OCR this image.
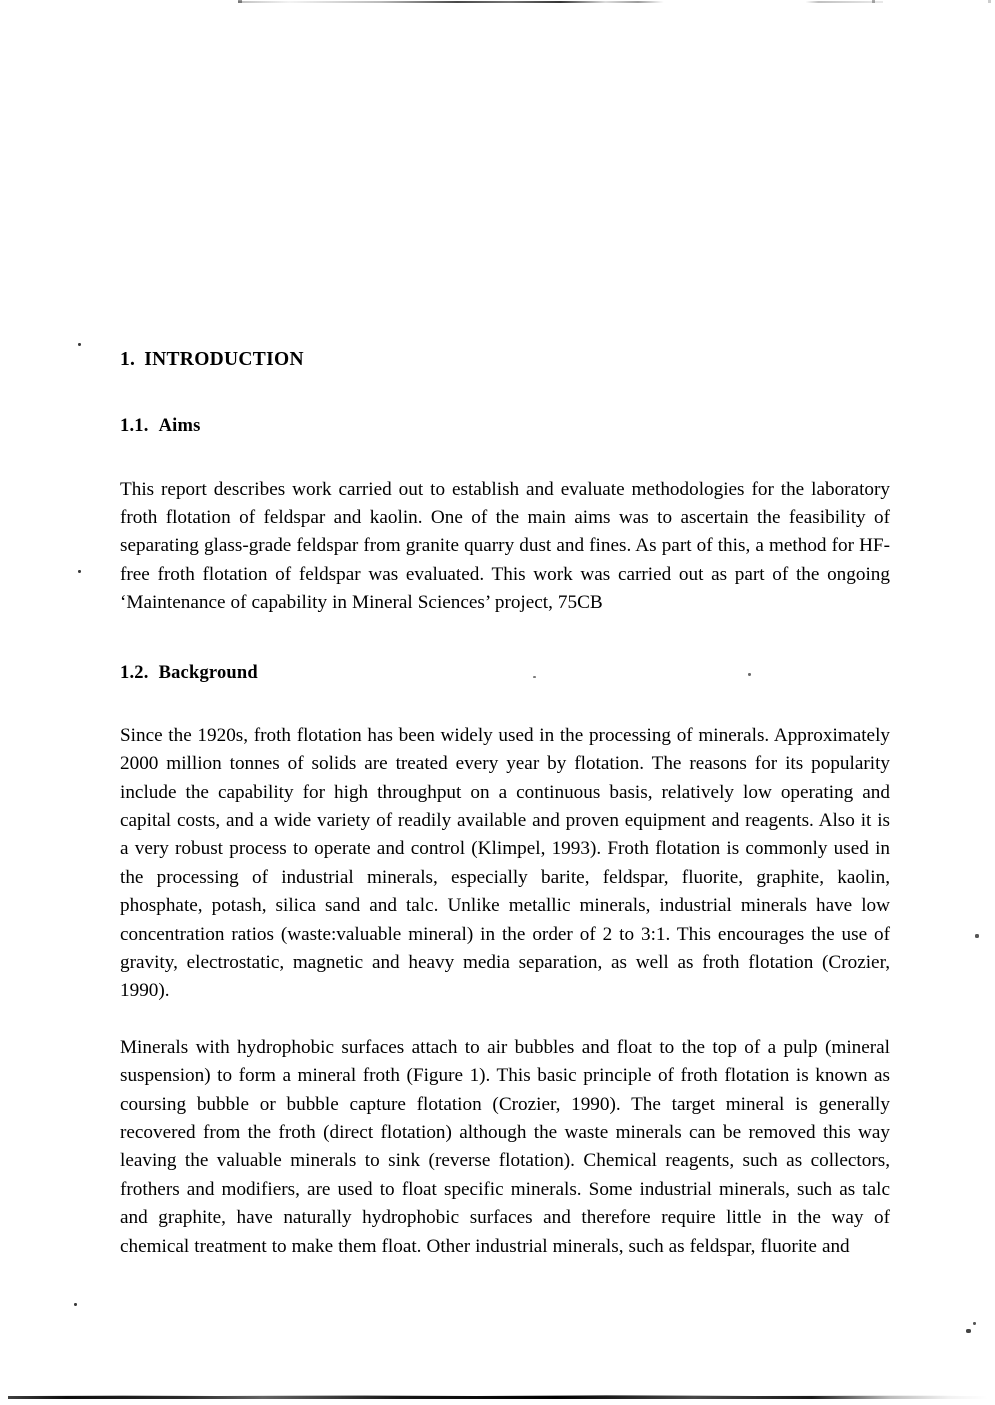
1. INTRODUCTION
1.1. Aims

This report describes work carried out to establish and evaluate methodologies for the laboratory froth flotation of feldspar and kaolin. One of the main aims was to ascertain the feasibility of separating glass-grade feldspar from granite quarry dust and fines. As part of this, a method for HF-free froth flotation of feldspar was evaluated. This work was carried out as part of the ongoing ‘Maintenance of capability in Mineral Sciences’ project, 75CB

1.2. Background

Since the 1920s, froth flotation has been widely used in the processing of minerals. Approximately 2000 million tonnes of solids are treated every year by flotation. The reasons for its popularity include the capability for high throughput on a continuous basis, relatively low operating and capital costs, and a wide variety of readily available and proven equipment and reagents. Also it is a very robust process to operate and control (Klimpel, 1993). Froth flotation is commonly used in the processing of industrial minerals, especially barite, feldspar, fluorite, graphite, kaolin, phosphate, potash, silica sand and talc. Unlike metallic minerals, industrial minerals have low concentration ratios (waste:valuable mineral) in the order of 2 to 3:1. This encourages the use of gravity, electrostatic, magnetic and heavy media separation, as well as froth flotation (Crozier, 1990).

Minerals with hydrophobic surfaces attach to air bubbles and float to the top of a pulp (mineral suspension) to form a mineral froth (Figure 1). This basic principle of froth flotation is known as coursing bubble or bubble capture flotation (Crozier, 1990). The target mineral is generally recovered from the froth (direct flotation) although the waste minerals can be removed this way leaving the valuable minerals to sink (reverse flotation). Chemical reagents, such as collectors, frothers and modifiers, are used to float specific minerals. Some industrial minerals, such as talc and graphite, have naturally hydrophobic surfaces and therefore require little in the way of chemical treatment to make them float. Other industrial minerals, such as feldspar, fluorite and
